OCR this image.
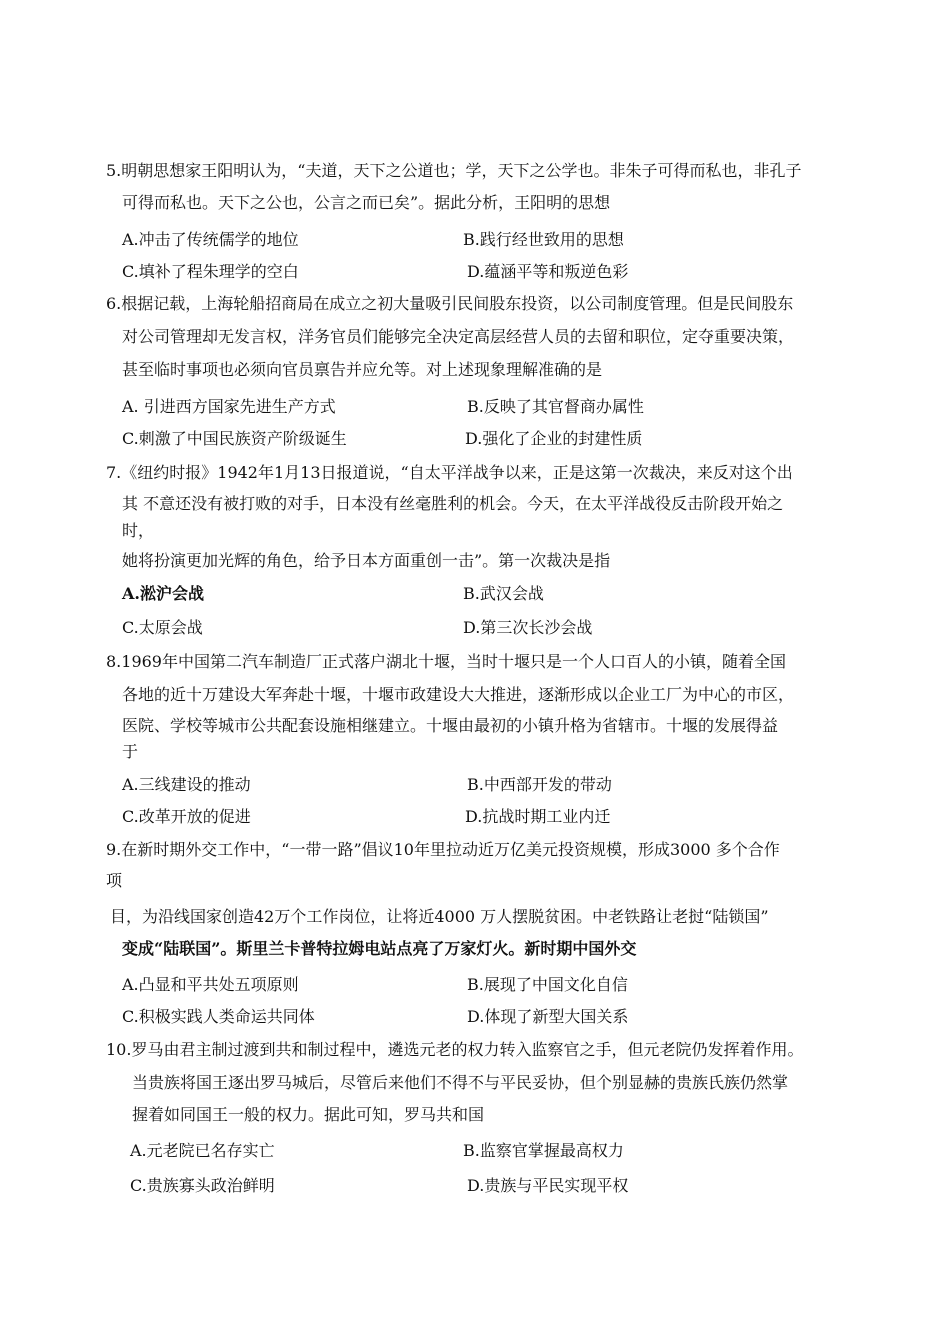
5.明朝思想家王阳明认为，“夫道，天下之公道也；学，天下之公学也。非朱子可得而私也，非孔子
可得而私也。天下之公也，公言之而已矣”。据此分析，王阳明的思想
A.冲击了传统儒学的地位	B.践行经世致用的思想
C.填补了程朱理学的空白	D.蕴涵平等和叛逆色彩
6.根据记载，上海轮船招商局在成立之初大量吸引民间股东投资，以公司制度管理。但是民间股东
对公司管理却无发言权，洋务官员们能够完全决定高层经营人员的去留和职位，定夺重要决策，
甚至临时事项也必须向官员禀告并应允等。对上述现象理解准确的是
A. 引进西方国家先进生产方式	B.反映了其官督商办属性
C.刺激了中国民族资产阶级诞生	D.强化了企业的封建性质
7.《纽约时报》1942年1月13日报道说，“自太平洋战争以来，正是这第一次裁决，来反对这个出
其 不意还没有被打败的对手，日本没有丝毫胜利的机会。今天，在太平洋战役反击阶段开始之
时，
她将扮演更加光辉的角色，给予日本方面重创一击”。第一次裁决是指
A.淞沪会战	B.武汉会战
C.太原会战	D.第三次长沙会战
8.1969年中国第二汽车制造厂正式落户湖北十堰，当时十堰只是一个人口百人的小镇，随着全国
各地的近十万建设大军奔赴十堰，十堰市政建设大大推进，逐渐形成以企业工厂为中心的市区，
医院、学校等城市公共配套设施相继建立。十堰由最初的小镇升格为省辖市。十堰的发展得益
于
A.三线建设的推动	B.中西部开发的带动
C.改革开放的促进	D.抗战时期工业内迁
9.在新时期外交工作中，“一带一路”倡议10年里拉动近万亿美元投资规模，形成3000 多个合作
项
目，为沿线国家创造42万个工作岗位，让将近4000 万人摆脱贫困。中老铁路让老挝“陆锁国”
变成“陆联国”。斯里兰卡普特拉姆电站点亮了万家灯火。新时期中国外交
A.凸显和平共处五项原则	B.展现了中国文化自信
C.积极实践人类命运共同体	D.体现了新型大国关系
10.罗马由君主制过渡到共和制过程中，遴选元老的权力转入监察官之手，但元老院仍发挥着作用。
当贵族将国王逐出罗马城后，尽管后来他们不得不与平民妥协，但个别显赫的贵族氏族仍然掌
握着如同国王一般的权力。据此可知，罗马共和国
A.元老院已名存实亡	B.监察官掌握最高权力
C.贵族寡头政治鲜明	D.贵族与平民实现平权
